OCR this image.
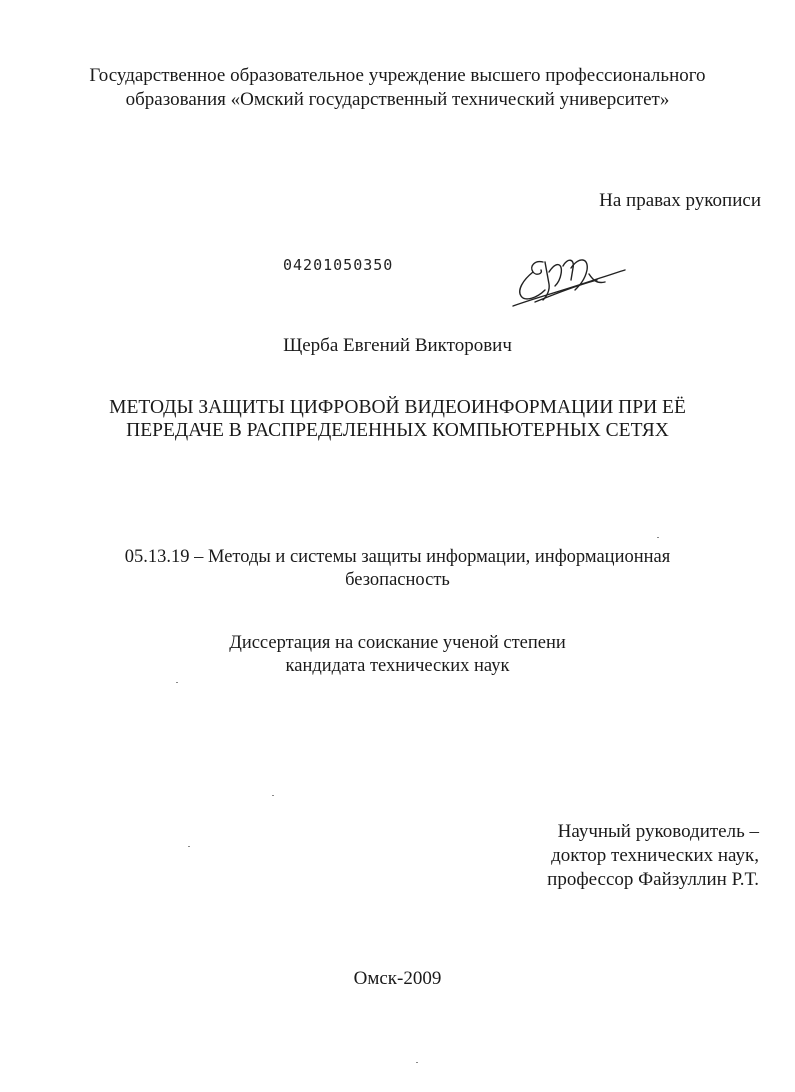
Государственное образовательное учреждение высшего профессионального
образования «Омский государственный технический университет»
На правах рукописи
04201050350
Щерба Евгений Викторович
МЕТОДЫ ЗАЩИТЫ ЦИФРОВОЙ ВИДЕОИНФОРМАЦИИ ПРИ ЕЁ
ПЕРЕДАЧЕ В РАСПРЕДЕЛЕННЫХ КОМПЬЮТЕРНЫХ СЕТЯХ
05.13.19 – Методы и системы защиты информации, информационная
безопасность
Диссертация на соискание ученой степени
кандидата технических наук
Научный руководитель –
доктор технических наук,
профессор Файзуллин Р.Т.
Омск-2009
